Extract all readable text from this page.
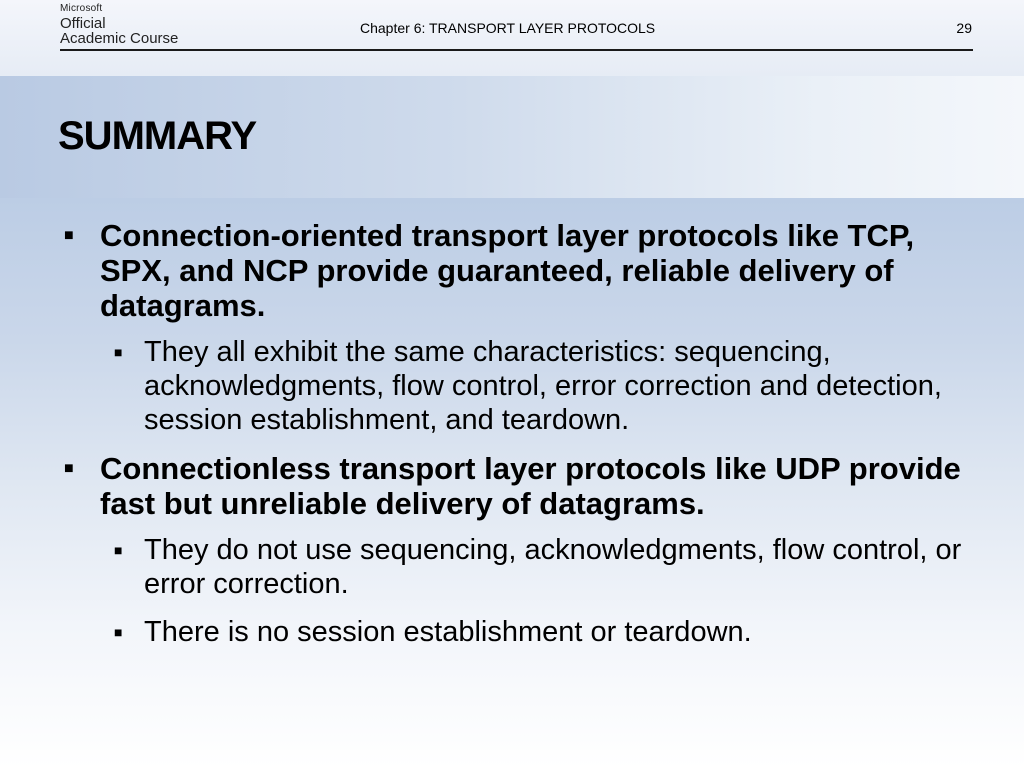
Microsoft
Official
Academic Course
Chapter 6: TRANSPORT LAYER PROTOCOLS	29
SUMMARY
■ Connection-oriented transport layer protocols like TCP, SPX, and NCP provide guaranteed, reliable delivery of datagrams.
■ They all exhibit the same characteristics: sequencing, acknowledgments, flow control, error correction and detection, session establishment, and teardown.
■ Connectionless transport layer protocols like UDP provide fast but unreliable delivery of datagrams.
■ They do not use sequencing, acknowledgments, flow control, or error correction.
■ There is no session establishment or teardown.
